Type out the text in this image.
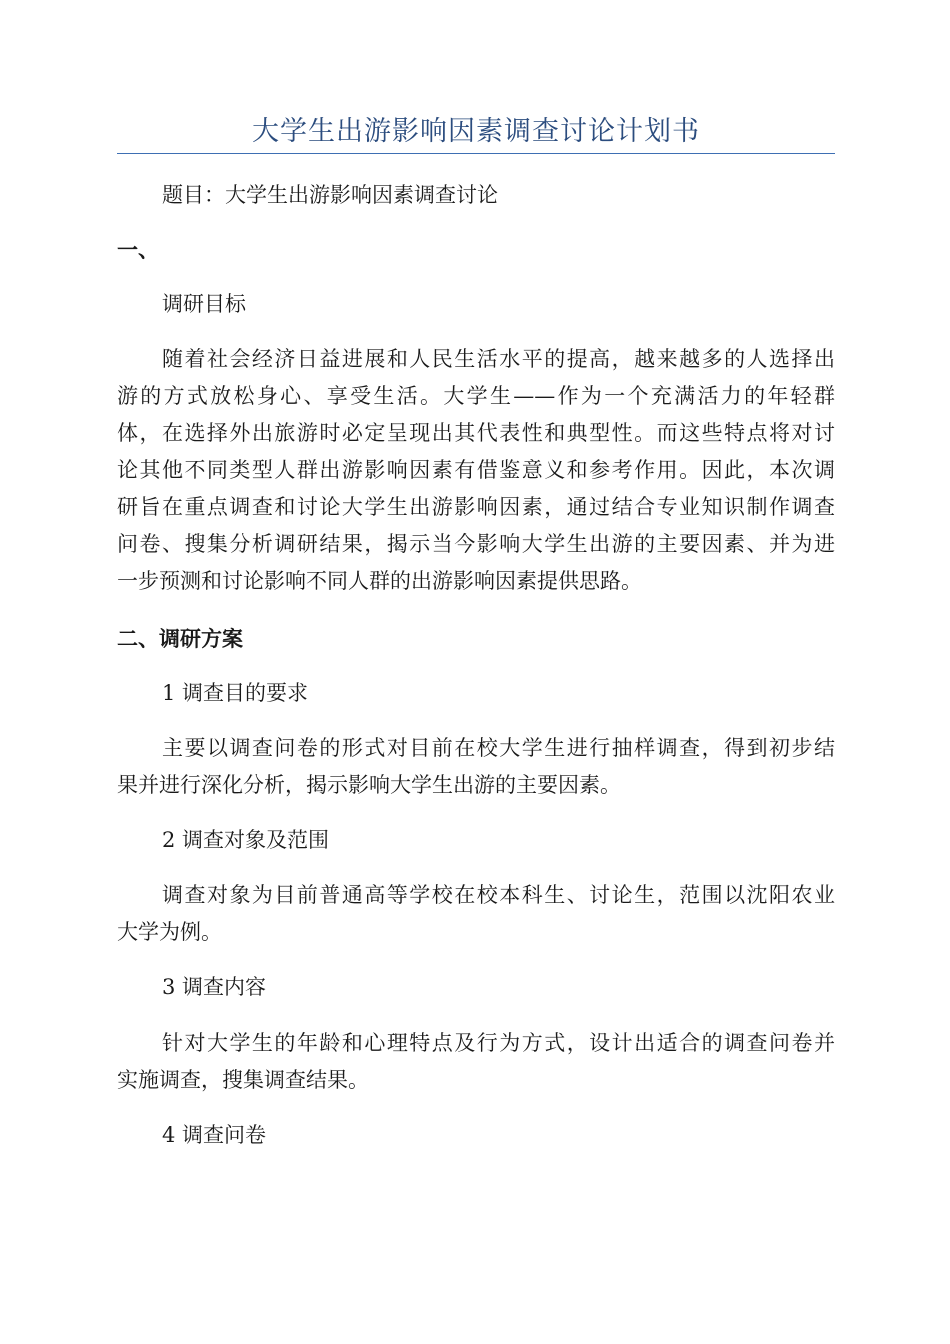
大学生出游影响因素调查讨论计划书
题目：大学生出游影响因素调查讨论
一、
调研目标
随着社会经济日益进展和人民生活水平的提高，越来越多的人选择出
游的方式放松身心、享受生活。大学生——作为一个充满活力的年轻群
体，在选择外出旅游时必定呈现出其代表性和典型性。而这些特点将对讨
论其他不同类型人群出游影响因素有借鉴意义和参考作用。因此，本次调
研旨在重点调查和讨论大学生出游影响因素，通过结合专业知识制作调查
问卷、搜集分析调研结果，揭示当今影响大学生出游的主要因素、并为进
一步预测和讨论影响不同人群的出游影响因素提供思路。
二、调研方案
1 调查目的要求
主要以调查问卷的形式对目前在校大学生进行抽样调查，得到初步结
果并进行深化分析，揭示影响大学生出游的主要因素。
2 调查对象及范围
调查对象为目前普通高等学校在校本科生、讨论生，范围以沈阳农业
大学为例。
3 调查内容
针对大学生的年龄和心理特点及行为方式，设计出适合的调查问卷并
实施调查，搜集调查结果。
4 调查问卷
